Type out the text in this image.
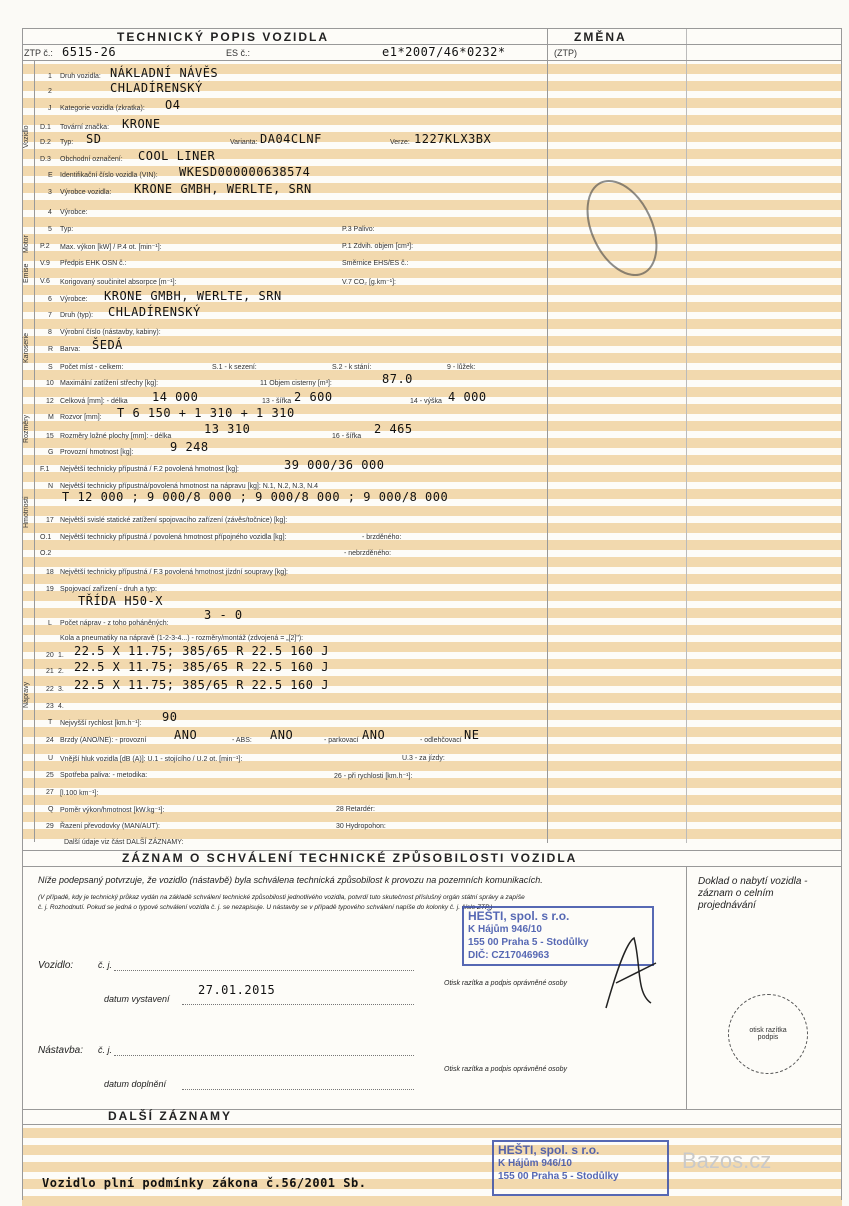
TECHNICKÝ POPIS VOZIDLA	ZMĚNA
ZTP č.: 6515-26	ES č.:	e1*2007/46*0232*	(ZTP)
Vozidlo
Motor
Emise
Karoserie
Rozměry
Hmotnosti
Nápravy
1 Druh vozidla: NÁKLADNÍ NÁVĚS
2	CHLADÍRENSKÝ
J Kategorie vozidla (zkratka): O4
D.1 Tovární značka: KRONE
D.2 Typ: SD	Varianta: DA04CLNF	Verze: 1227KLX3BX
D.3 Obchodní označení: COOL LINER
E Identifikační číslo vozidla (VIN): WKESD000000638574
3 Výrobce vozidla: KRONE GMBH, WERLTE, SRN
4 Výrobce:
5 Typ:	P.3 Palivo:
P.2 Max. výkon [kW] / P.4 ot. [min⁻¹]:	P.1 Zdvih. objem [cm³]:
V.9 Předpis EHK OSN č.:	Směrnice EHS/ES č.:
V.6 Korigovaný součinitel absorpce [m⁻¹]:	V.7 CO₂ [g.km⁻¹]:
6 Výrobce: KRONE GMBH, WERLTE, SRN
7 Druh (typ): CHLADÍRENSKÝ
8 Výrobní číslo (nástavby, kabiny):
R Barva: ŠEDÁ
S Počet míst - celkem:	S.1 - k sezení:	S.2 - k stání:	9 - lůžek:
10 Maximální zatížení střechy [kg]:	11 Objem cisterny [m³]:	87.0
12 Celková [mm]: - délka 14 000	13 - šířka 2 600	14 - výška 4 000
M Rozvor [mm]: T 6 150 + 1 310 + 1 310
15 Rozměry ložné plochy [mm]: - délka
13 310
16 - šířka
2 465
G Provozní hmotnost [kg]:	9 248
F.1 Největší technicky přípustná / F.2 povolená hmotnost [kg]:	39 000/36 000
N Největší technicky přípustná/povolená hmotnost na nápravu [kg]: N.1, N.2, N.3, N.4
T 12 000 ; 9 000/8 000 ; 9 000/8 000 ; 9 000/8 000
17 Největší svislé statické zatížení spojovacího zařízení (závěs/točnice) [kg]:
O.1 Největší technicky přípustná / povolená hmotnost přípojného vozidla [kg]:	- brzděného:
O.2	- nebrzděného:
18 Největší technicky přípustná / F.3 povolená hmotnost jízdní soupravy [kg]:
19 Spojovací zařízení - druh a typ:
TŘÍDA H50-X
L Počet náprav - z toho poháněných:
3 - 0
Kola a pneumatiky na nápravě (1-2-3-4...) - rozměry/montáž (zdvojená = „[2]"):
20 1. 22.5 X 11.75; 385/65 R 22.5 160 J
21 2. 22.5 X 11.75; 385/65 R 22.5 160 J
22 3. 22.5 X 11.75; 385/65 R 22.5 160 J
23 4.
T Nejvyšší rychlost [km.h⁻¹]: 90
24 Brzdy (ANO/NE): - provozní ANO	- ABS: ANO	- parkovací ANO	- odlehčovací NE
U Vnější hluk vozidla [dB (A)]: U.1 - stojícího / U.2 ot. [min⁻¹]:	U.3 - za jízdy:
25 Spotřeba paliva: - metodika:	26 - při rychlosti [km.h⁻¹]:
27 [l.100 km⁻¹]:
Q Poměr výkon/hmotnost [kW.kg⁻¹]:	28 Retardér:
29 Řazení převodovky (MAN/AUT):	30 Hydropohon:
Další údaje viz část DALŠÍ ZÁZNAMY:
ZÁZNAM O SCHVÁLENÍ TECHNICKÉ ZPŮSOBILOSTI VOZIDLA
Níže podepsaný potvrzuje, že vozidlo (nástavbě) byla schválena technická způsobilost k provozu na pozemních komunikacích.
(V případě, kdy je technický průkaz vydán na základě schválení technické způsobilosti jednotlivého vozidla, potvrdí tuto skutečnost příslušný orgán státní správy a zapíše
č. j. Rozhodnutí. Pokud se jedná o typové schválení vozidla č. j. se nezapisuje. U nástavby se v případě typového schválení napíše do kolonky č. j. číslo ZTP.)
Doklad o nabytí vozidla - záznam o celním projednávání
Vozidlo:	č. j.
datum vystavení
27.01.2015	Otisk razítka a podpis oprávněné osoby
Nástavba: č. j.
datum doplnění
Otisk razítka a podpis oprávněné osoby
otisk razítka podpis
HEŠTI, spol. s r.o.
K Hájům 946/10
155 00 Praha 5 - Stodůlky
DIČ: CZ17046963
DALŠÍ ZÁZNAMY
Vozidlo plní podmínky zákona č.56/2001 Sb.
HEŠTI, spol. s r.o.
K Hájům 946/10
155 00 Praha 5 - Stodůlky
Bazos.cz
